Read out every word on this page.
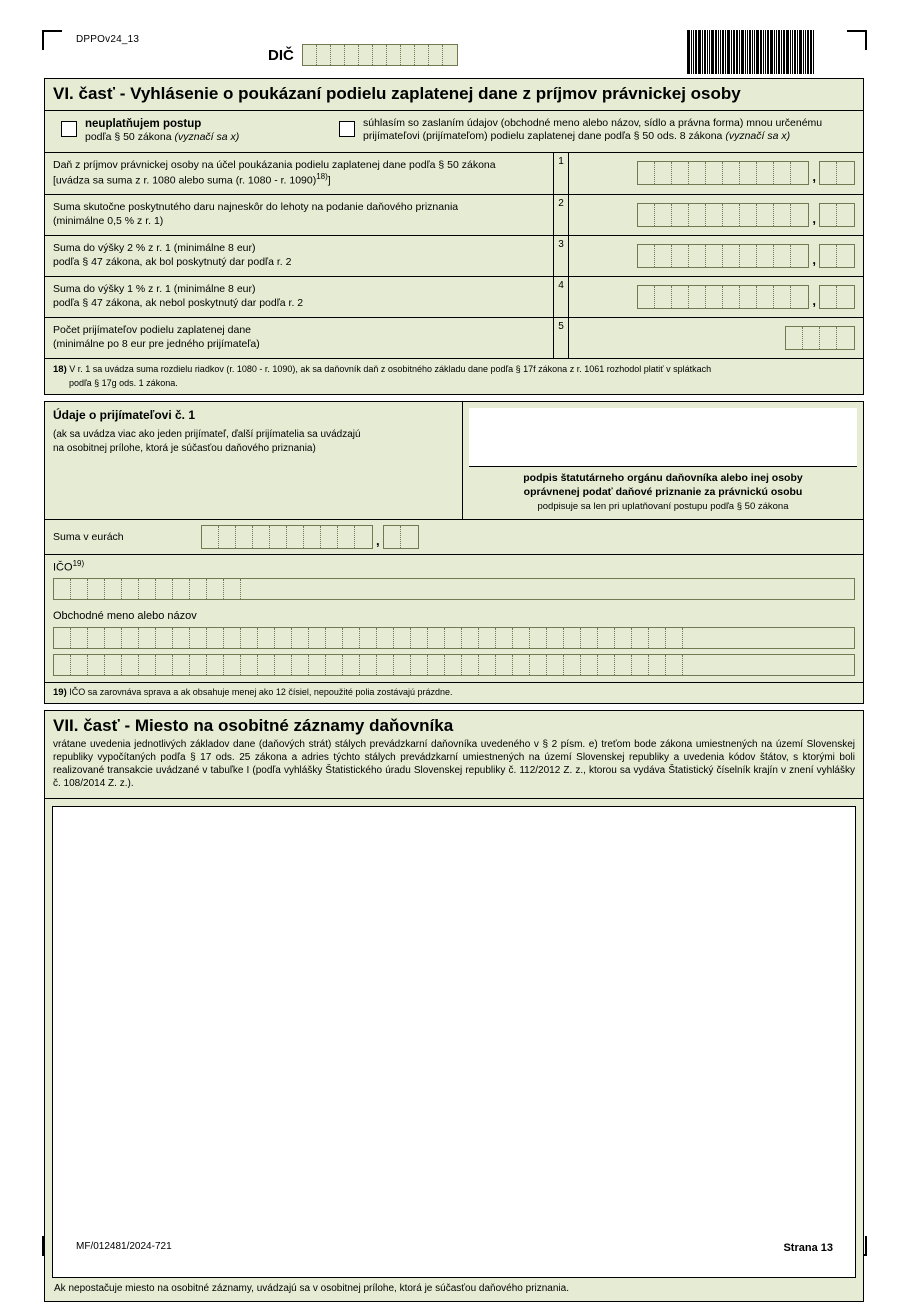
DPPOv24_13
DIČ
VI. časť - Vyhlásenie o poukázaní podielu zaplatenej dane z príjmov právnickej osoby
neuplatňujem postup
podľa § 50 zákona (vyznačí sa x)
súhlasím so zaslaním údajov (obchodné meno alebo názov, sídlo a právna forma) mnou určenému
prijímateľovi (prijímateľom) podielu zaplatenej dane podľa § 50 ods. 8 zákona (vyznačí sa x)
Daň z príjmov právnickej osoby na účel poukázania podielu zaplatenej dane podľa § 50 zákona
[uvádza sa suma z r. 1080 alebo suma (r. 1080 - r. 1090)$^{18)}$]
1
,
Suma skutočne poskytnutého daru najneskôr do lehoty na podanie daňového priznania
(minimálne 0,5 % z r. 1)
2
,
Suma do výšky 2 % z r. 1 (minimálne 8 eur)
podľa § 47 zákona, ak bol poskytnutý dar podľa r. 2
3
,
Suma do výšky 1 % z r. 1 (minimálne 8 eur)
podľa § 47 zákona, ak nebol poskytnutý dar podľa r. 2
4
,
Počet prijímateľov podielu zaplatenej dane
(minimálne po 8 eur pre jedného prijímateľa)
5
18) V r. 1 sa uvádza suma rozdielu riadkov (r. 1080 - r. 1090), ak sa daňovník daň z osobitného základu dane podľa § 17f zákona z r. 1061 rozhodol platiť v splátkach
podľa § 17g ods. 1 zákona.
Údaje o prijímateľovi č. 1
(ak sa uvádza viac ako jeden prijímateľ, ďalší prijímatelia sa uvádzajú
na osobitnej prílohe, ktorá je súčasťou daňového priznania)
podpis štatutárneho orgánu daňovníka alebo inej osoby
oprávnenej podať daňové priznanie za právnickú osobu
podpisuje sa len pri uplatňovaní postupu podľa § 50 zákona
Suma v eurách	,
IČO$^{19)}$
Obchodné meno alebo názov
19) IČO sa zarovnáva sprava a ak obsahuje menej ako 12 čísiel, nepoužité polia zostávajú prázdne.
VII. časť - Miesto na osobitné záznamy daňovníka
vrátane uvedenia jednotlivých základov dane (daňových strát) stálych prevádzkarní daňovníka uvedeného v § 2 písm. e) treťom bode zákona umiestnených na území Slovenskej republiky vypočítaných podľa § 17 ods. 25 zákona a adries týchto stálych prevádzkarní umiestnených na území Slovenskej republiky a uvedenia kódov štátov, s ktorými boli realizované transakcie uvádzané v tabuľke I (podľa vyhlášky Štatistického úradu Slovenskej republiky č. 112/2012 Z. z., ktorou sa vydáva Štatistický číselník krajín v znení vyhlášky č. 108/2014 Z. z.).
Ak nepostačuje miesto na osobitné záznamy, uvádzajú sa v osobitnej prílohe, ktorá je súčasťou daňového priznania.
MF/012481/2024-721	Strana 13
